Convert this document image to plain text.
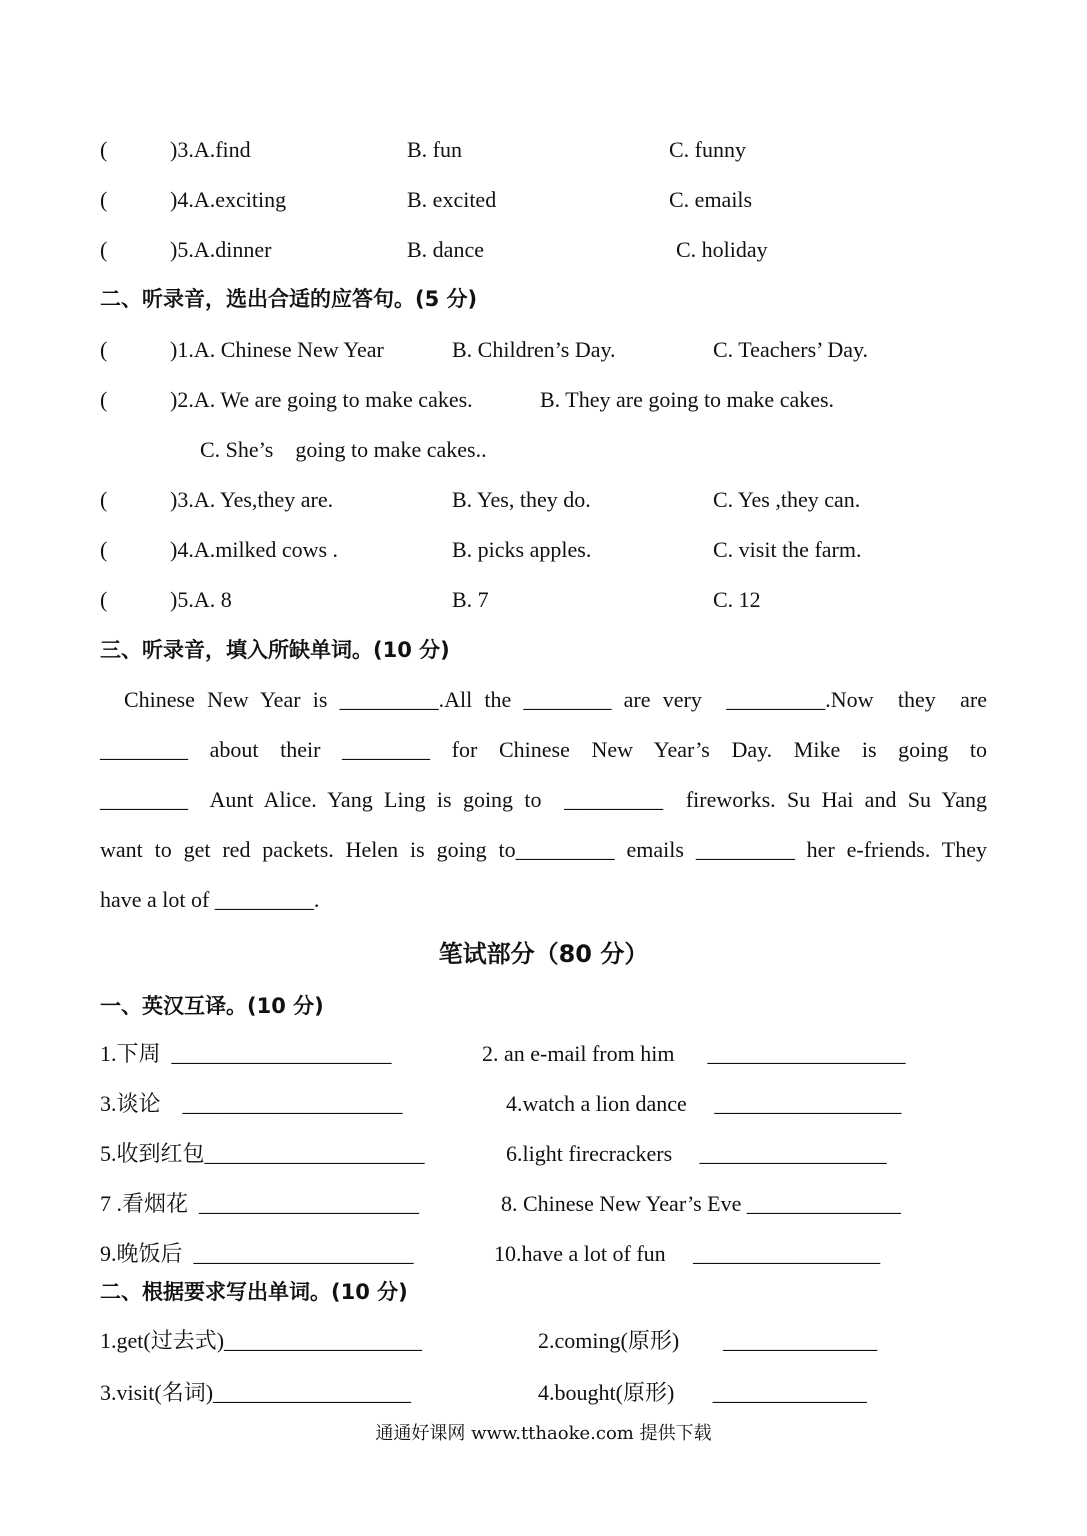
(	)3.A.find	B. fun	C. funny
(	)4.A.exciting	B. excited	C. emails
(	)5.A.dinner	B. dance	C. holiday
二、听录音，选出合适的应答句。(5 分)
(	)1.A. Chinese New Year	B. Children’s Day.	C. Teachers’ Day.
(	)2.A. We are going to make cakes.	B. They are going to make cakes.
C. She’s    going to make cakes..
(	)3.A. Yes,they are.	B. Yes, they do.	C. Yes ,they can.
(	)4.A.milked cows .	B. picks apples.	C. visit the farm.
(	)5.A. 8	B. 7	C. 12
三、听录音，填入所缺单词。(10 分)
Chinese New Year is _________.All the ________ are very  _________.Now  they  are
________  about  their  ________  for  Chinese  New  Year’s  Day.  Mike  is  going  to
________  Aunt Alice. Yang Ling is going to  _________  fireworks. Su Hai and Su Yang
want to get red packets. Helen is going to_________ emails _________ her e-friends. They
have a lot of _________.
笔试部分（80 分）
一、英汉互译。(10 分)
1.下周  ____________________	2. an e-mail from him      __________________
3.谈论    ____________________	4.watch a lion dance     _________________
5.收到红包____________________	6.light firecrackers     _________________
7 .看烟花  ____________________	8. Chinese New Year’s Eve ______________
9.晚饭后  ____________________	10.have a lot of fun     _________________
二、根据要求写出单词。(10 分)
1.get(过去式)__________________	2.coming(原形)        ______________
3.visit(名词)__________________	4.bought(原形)       ______________
通通好课网 www.tthaoke.com 提供下载
